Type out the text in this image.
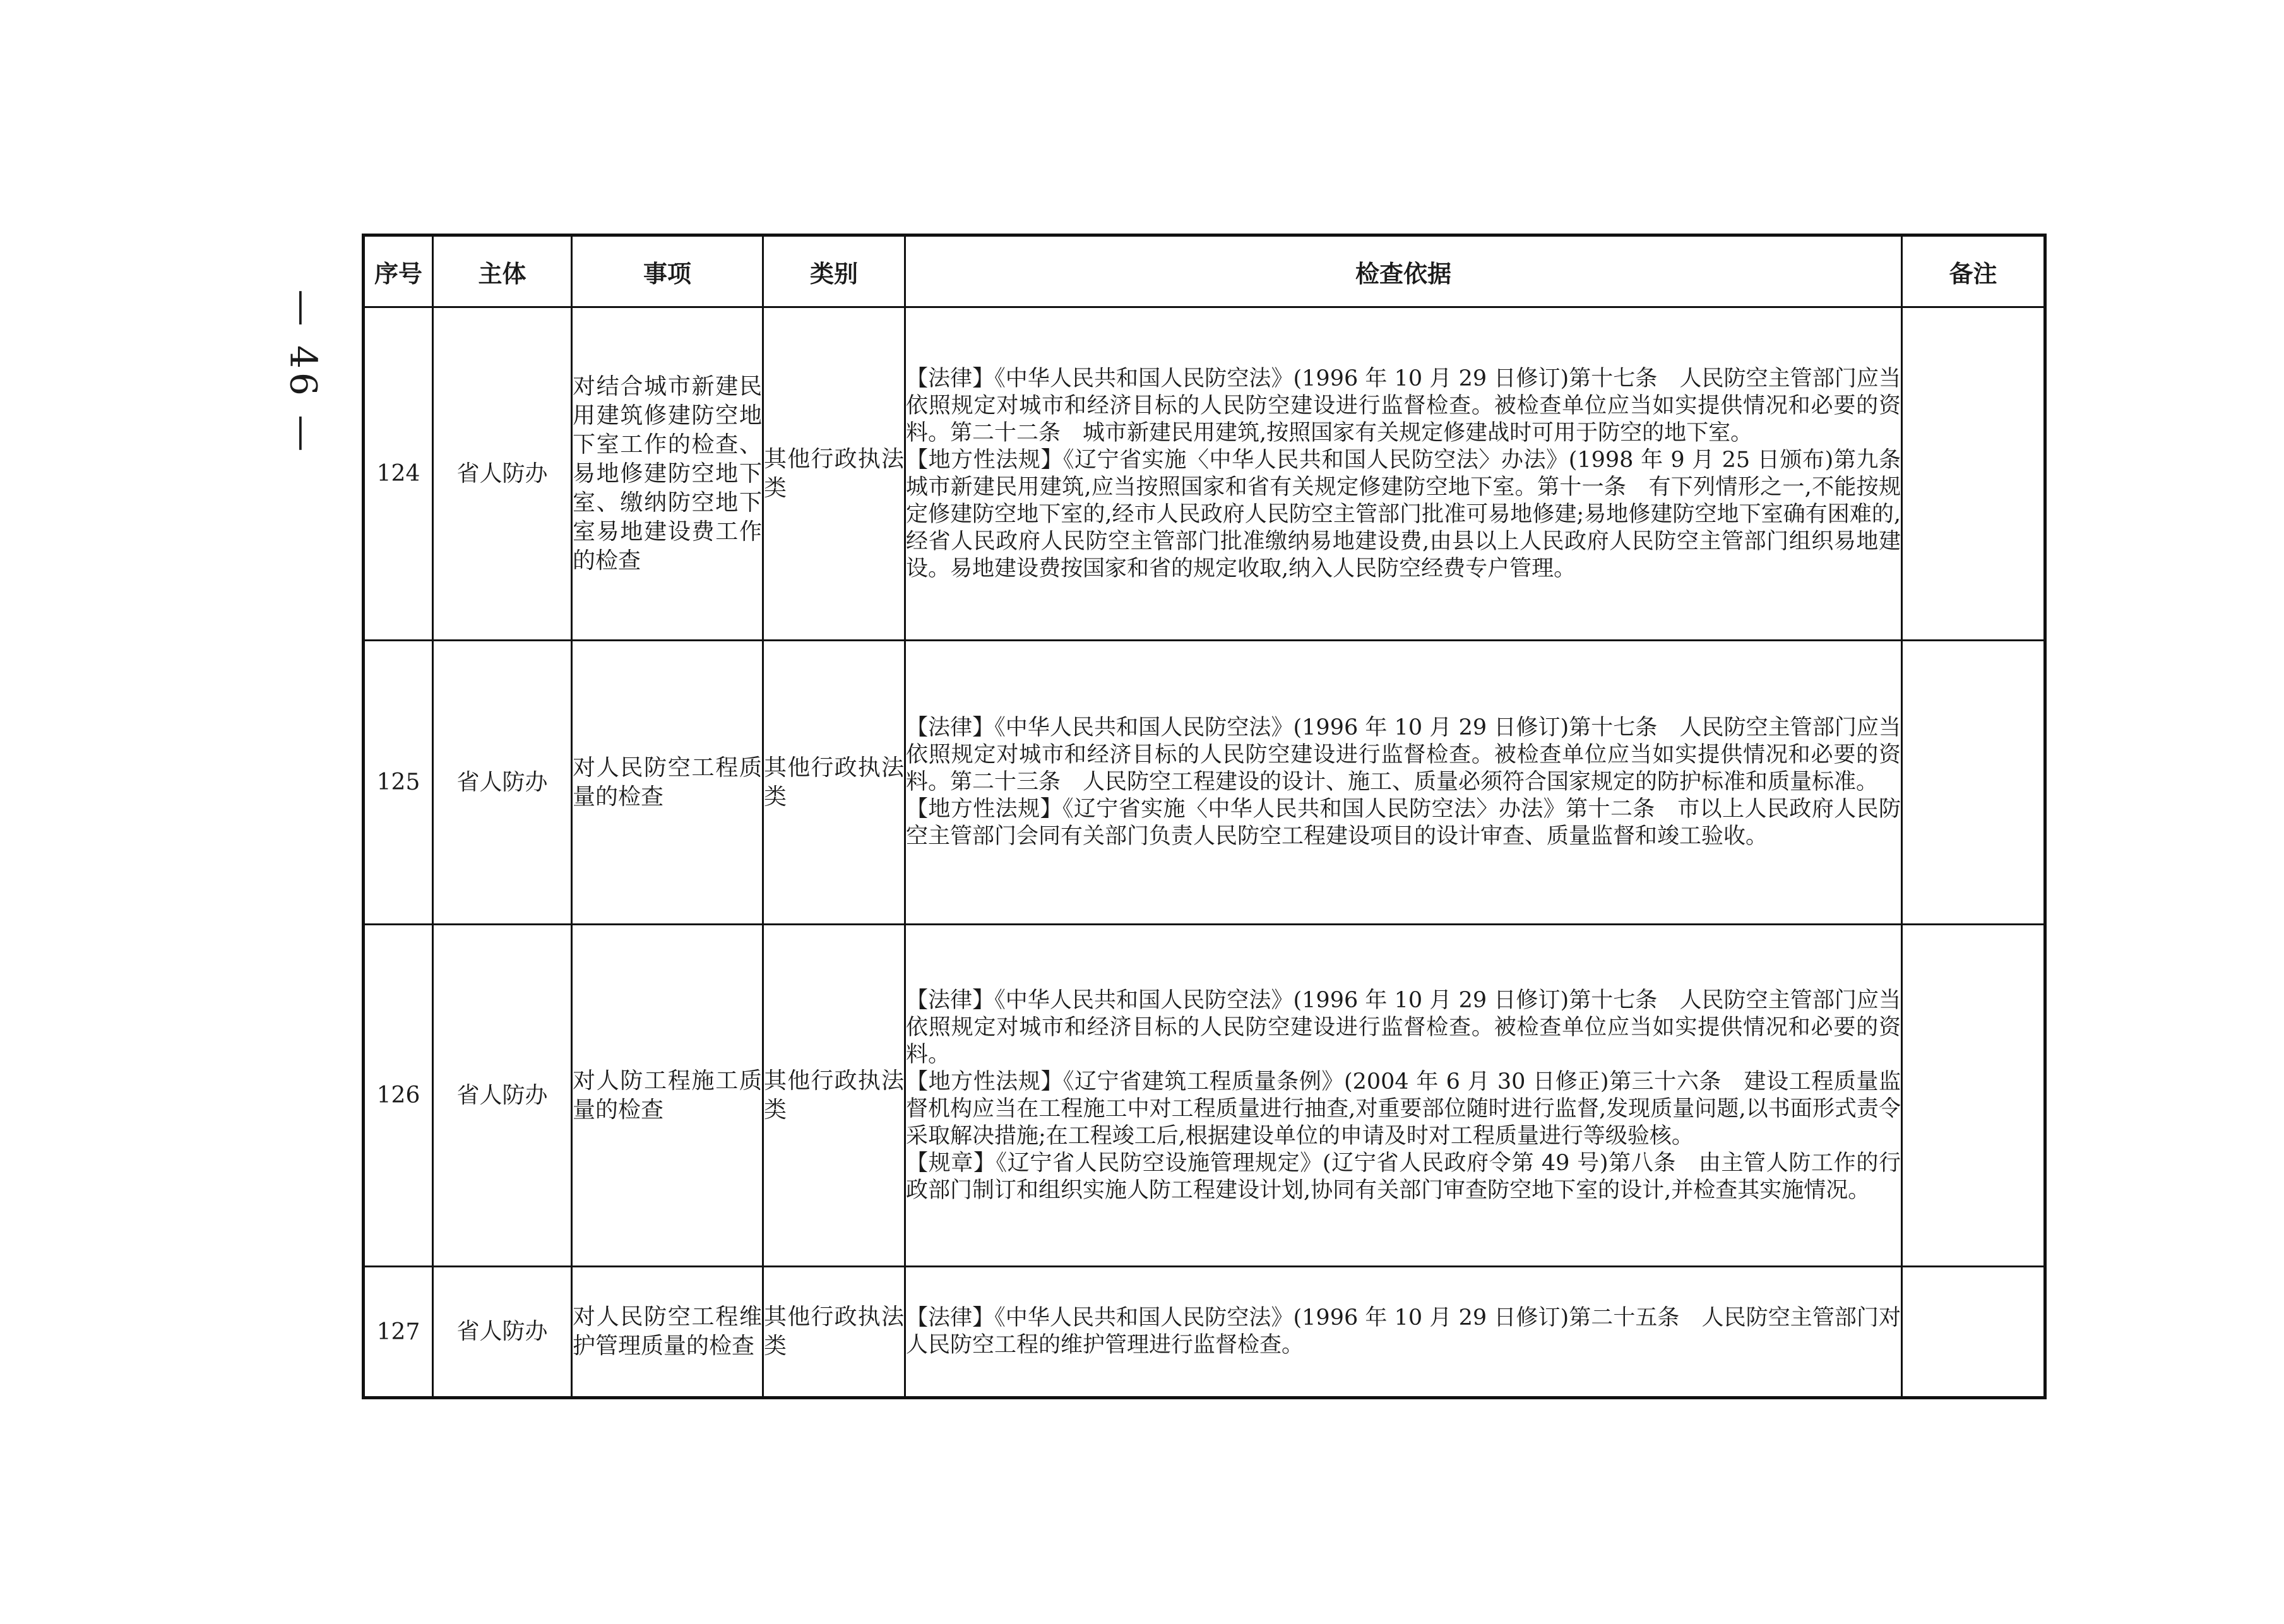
— 46 —
序号	主体	事项	类别	检查依据	备注
124	省人防办	对结合城市新建民用建筑修建防空地下室工作的检查、易地修建防空地下室、缴纳防空地下室易地建设费工作的检查	其他行政执法类	【法律】《中华人民共和国人民防空法》(1996 年 10 月 29 日修订)第十七条　人民防空主管部门应当依照规定对城市和经济目标的人民防空建设进行监督检查。被检查单位应当如实提供情况和必要的资料。第二十二条　城市新建民用建筑,按照国家有关规定修建战时可用于防空的地下室。

【地方性法规】《辽宁省实施〈中华人民共和国人民防空法〉办法》(1998 年 9 月 25 日颁布)第九条　城市新建民用建筑,应当按照国家和省有关规定修建防空地下室。第十一条　有下列情形之一,不能按规定修建防空地下室的,经市人民政府人民防空主管部门批准可易地修建;易地修建防空地下室确有困难的,经省人民政府人民防空主管部门批准缴纳易地建设费,由县以上人民政府人民防空主管部门组织易地建设。易地建设费按国家和省的规定收取,纳入人民防空经费专户管理。	

125	省人防办	对人民防空工程质量的检查	其他行政执法类	【法律】《中华人民共和国人民防空法》(1996 年 10 月 29 日修订)第十七条　人民防空主管部门应当依照规定对城市和经济目标的人民防空建设进行监督检查。被检查单位应当如实提供情况和必要的资料。第二十三条　人民防空工程建设的设计、施工、质量必须符合国家规定的防护标准和质量标准。

【地方性法规】《辽宁省实施〈中华人民共和国人民防空法〉办法》第十二条　市以上人民政府人民防空主管部门会同有关部门负责人民防空工程建设项目的设计审查、质量监督和竣工验收。	

126	省人防办	对人防工程施工质量的检查	其他行政执法类	【法律】《中华人民共和国人民防空法》(1996 年 10 月 29 日修订)第十七条　人民防空主管部门应当依照规定对城市和经济目标的人民防空建设进行监督检查。被检查单位应当如实提供情况和必要的资料。

【地方性法规】《辽宁省建筑工程质量条例》(2004 年 6 月 30 日修正)第三十六条　建设工程质量监督机构应当在工程施工中对工程质量进行抽查,对重要部位随时进行监督,发现质量问题,以书面形式责令采取解决措施;在工程竣工后,根据建设单位的申请及时对工程质量进行等级验核。

【规章】《辽宁省人民防空设施管理规定》(辽宁省人民政府令第 49 号)第八条　由主管人防工作的行政部门制订和组织实施人防工程建设计划,协同有关部门审查防空地下室的设计,并检查其实施情况。	

127	省人防办	对人民防空工程维护管理质量的检查	其他行政执法类	【法律】《中华人民共和国人民防空法》(1996 年 10 月 29 日修订)第二十五条　人民防空主管部门对人民防空工程的维护管理进行监督检查。	
